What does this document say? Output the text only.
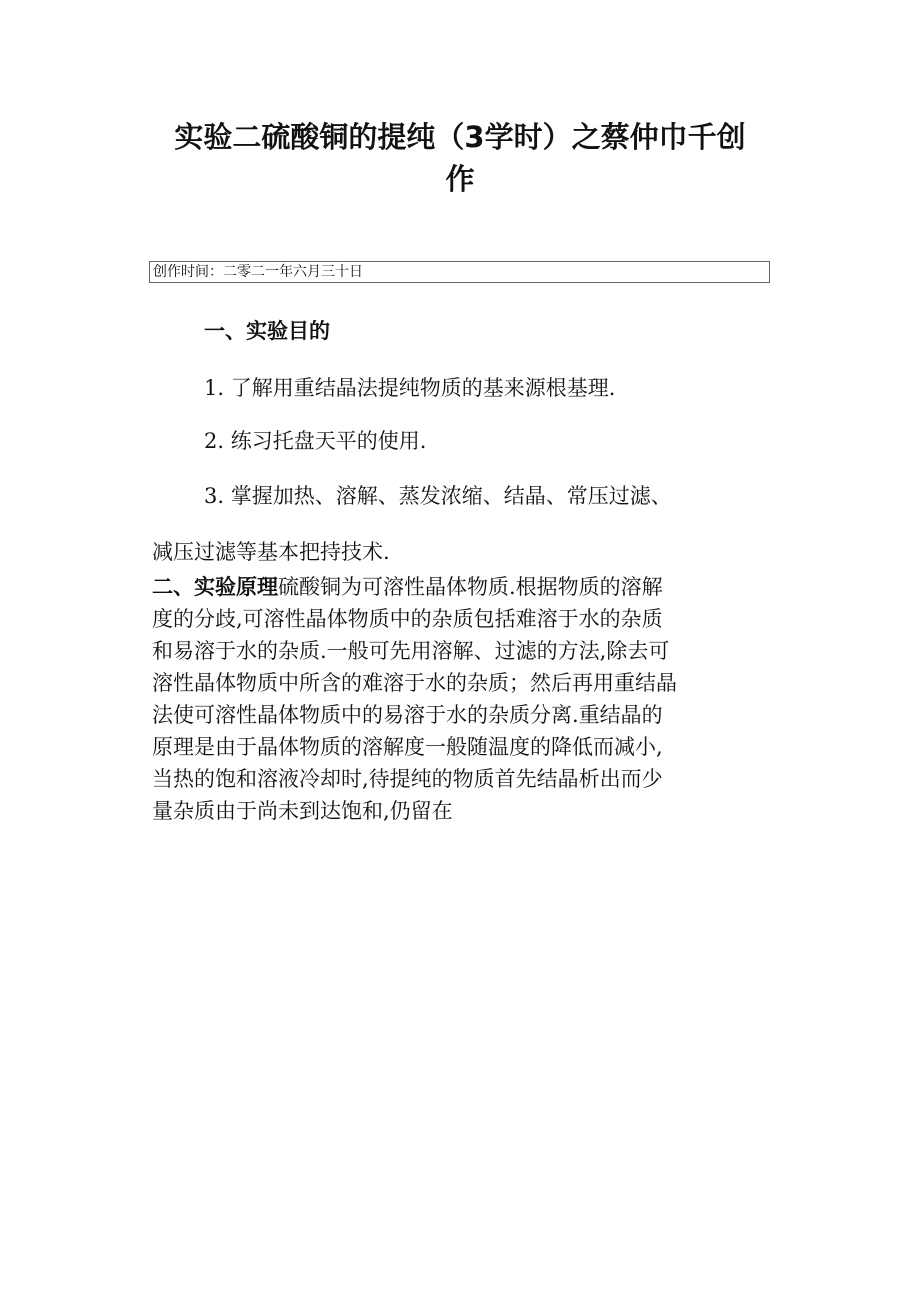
实验二硫酸铜的提纯（3学时）之蔡仲巾千创
作
创作时间：二零二一年六月三十日
一、实验目的
1. 了解用重结晶法提纯物质的基来源根基理.
2. 练习托盘天平的使用.
3. 掌握加热、溶解、蒸发浓缩、结晶、常压过滤、
减压过滤等基本把持技术.
二、实验原理硫酸铜为可溶性晶体物质.根据物质的溶解
度的分歧,可溶性晶体物质中的杂质包括难溶于水的杂质
和易溶于水的杂质.一般可先用溶解、过滤的方法,除去可
溶性晶体物质中所含的难溶于水的杂质；然后再用重结晶
法使可溶性晶体物质中的易溶于水的杂质分离.重结晶的
原理是由于晶体物质的溶解度一般随温度的降低而减小,
当热的饱和溶液冷却时,待提纯的物质首先结晶析出而少
量杂质由于尚未到达饱和,仍留在
